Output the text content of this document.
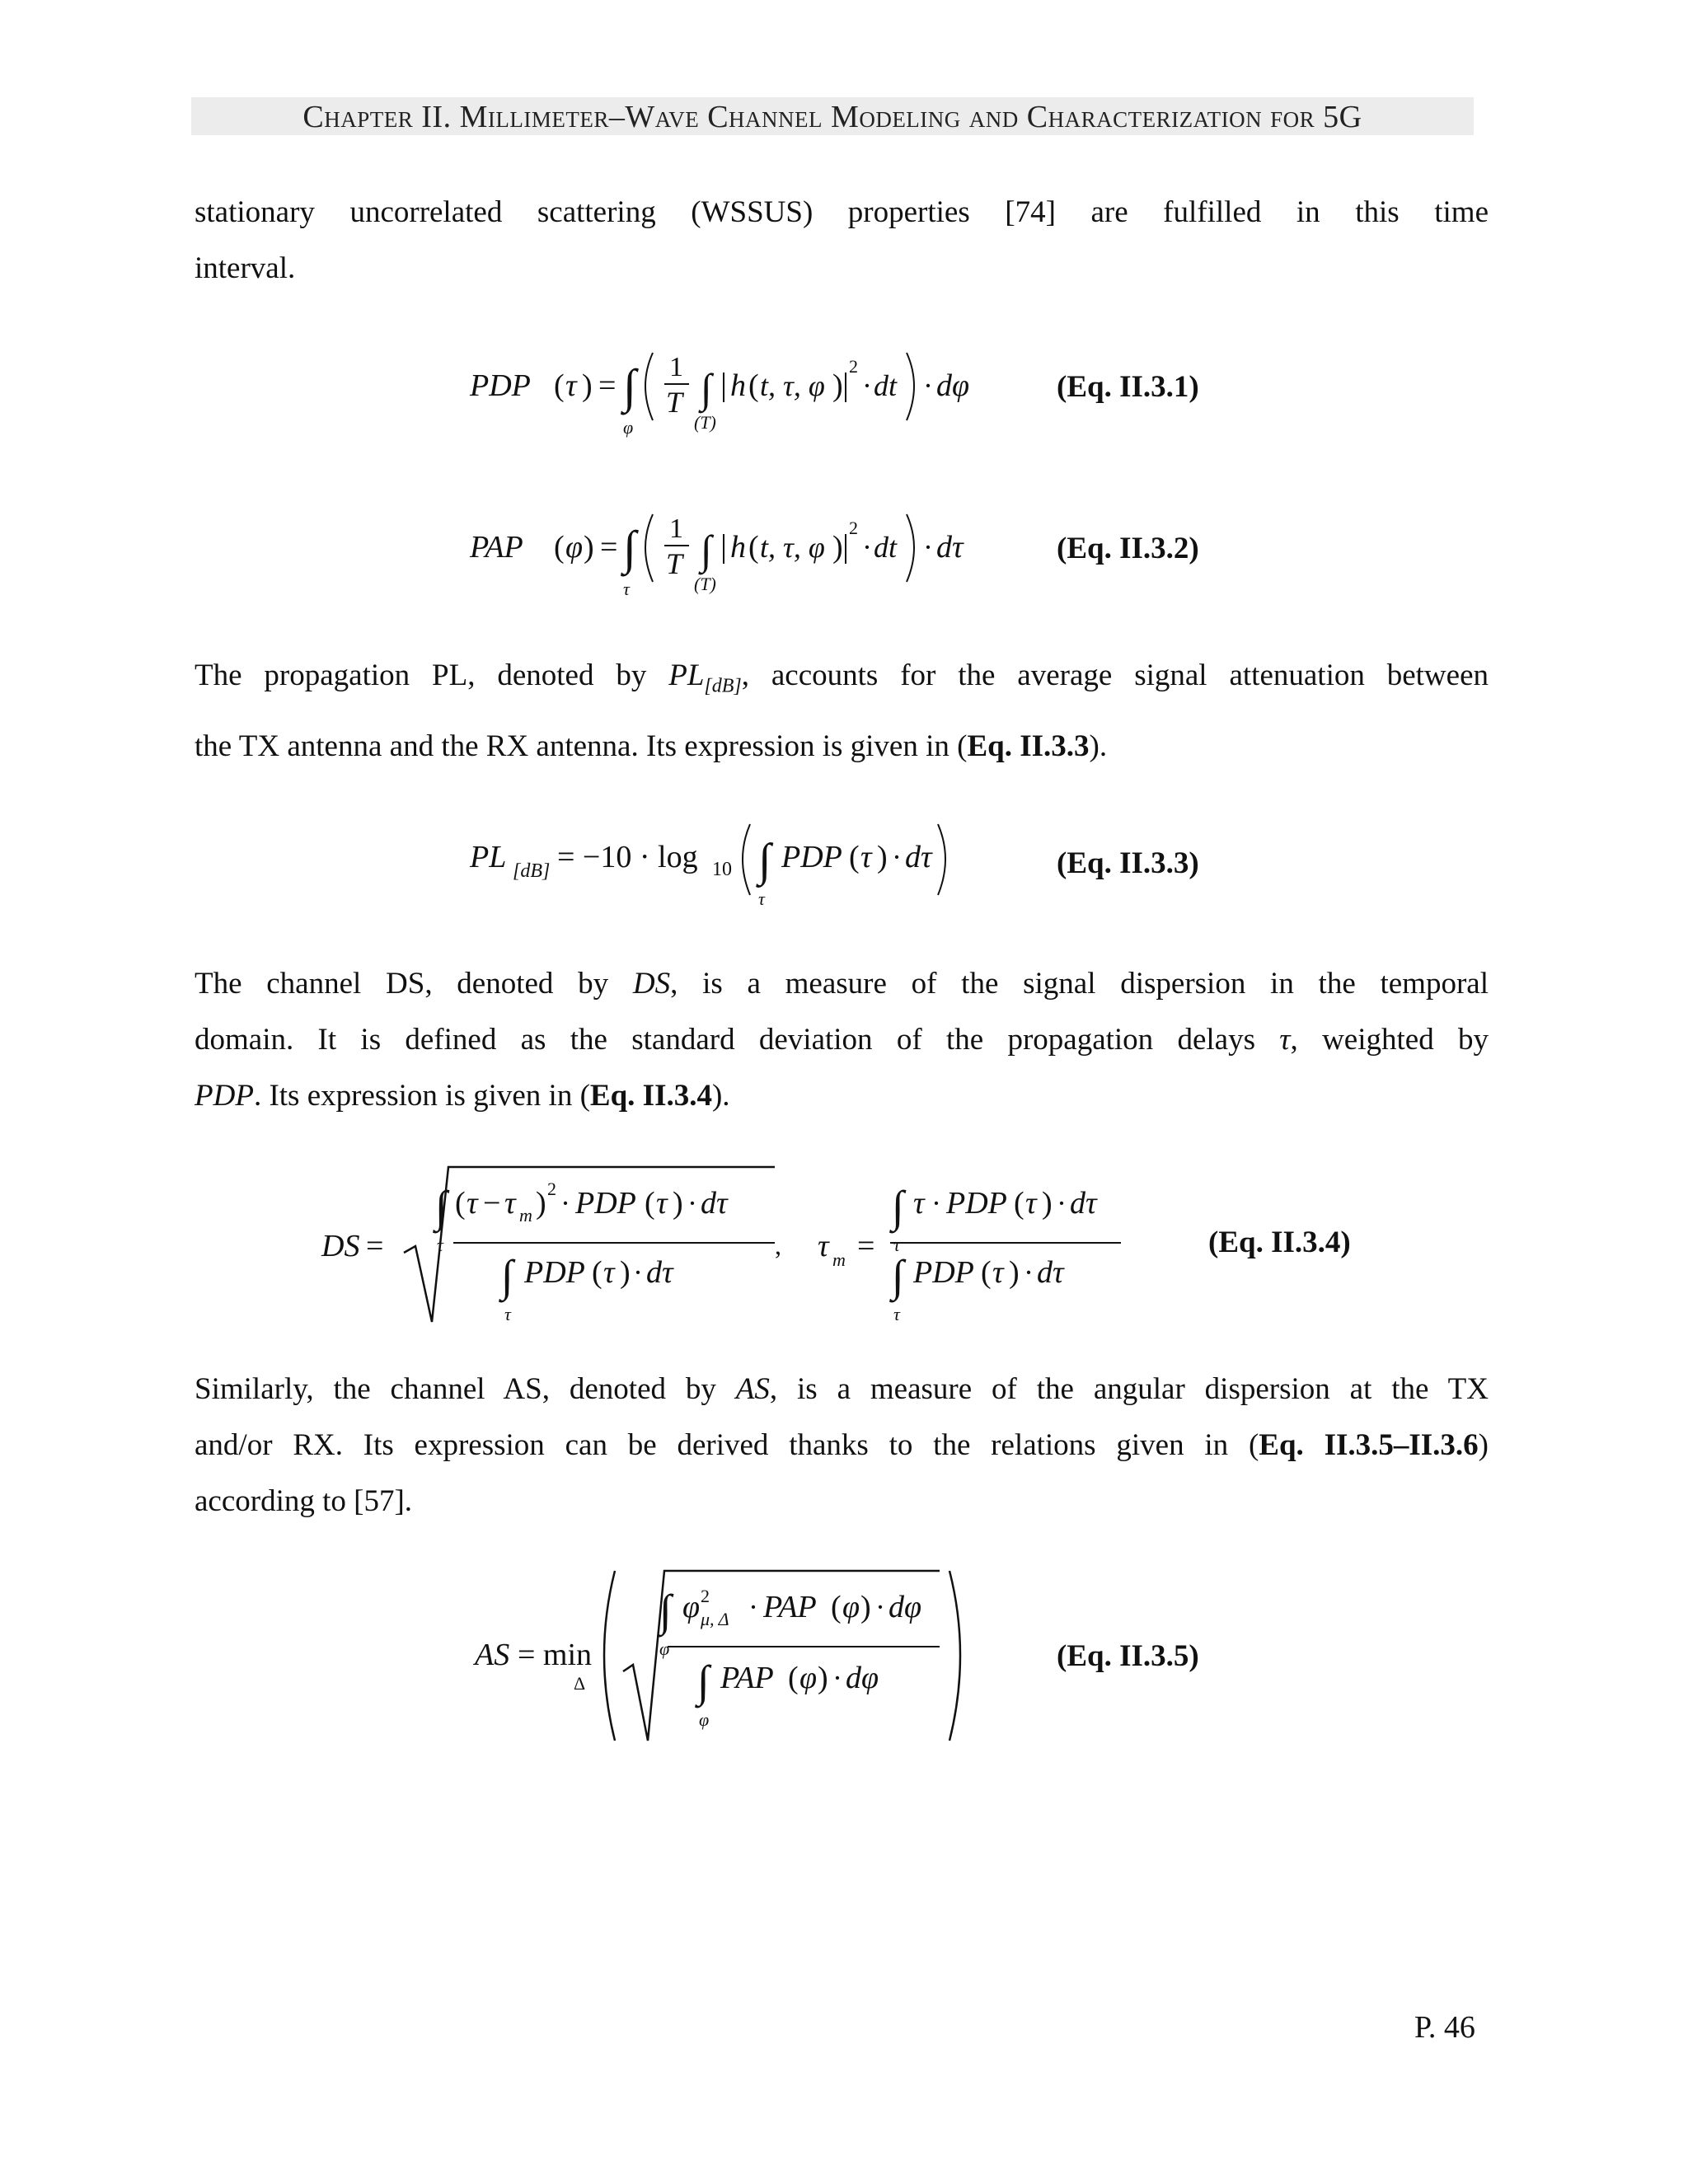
Chapter II. Millimeter–Wave Channel Modeling and Characterization for 5G
stationary uncorrelated scattering (WSSUS) properties [74] are fulfilled in this time
interval.
PDP ( τ ) = ∫
φ
1
T ∫
(T)
h ( t, τ, φ )
2
· dt · dφ	(Eq. II.3.1)
PAP ( φ ) = ∫
τ
1
T ∫
(T)
h ( t, τ, φ )
2
· dt · dτ	(Eq. II.3.2)
The propagation PL, denoted by $PL_{[dB]}$, accounts for the average signal attenuation between
the TX antenna and the RX antenna. Its expression is given in (Eq. II.3.3).
PL [dB] = −10 · log 10 ∫
τ
PDP ( τ ) · dτ	(Eq. II.3.3)
The channel DS, denoted by DS, is a measure of the signal dispersion in the temporal
domain. It is defined as the standard deviation of the propagation delays τ, weighted by
PDP. Its expression is given in (Eq. II.3.4).
DS =
∫
τ
( τ − τ m ) 2 · PDP ( τ ) · dτ
∫
τ
PDP ( τ ) · dτ
, τ m =
∫
τ
τ · PDP ( τ ) · dτ
∫
τ
PDP ( τ ) · dτ
(Eq. II.3.4)
Similarly, the channel AS, denoted by AS, is a measure of the angular dispersion at the TX
and/or RX. Its expression can be derived thanks to the relations given in (Eq. II.3.5–II.3.6)
according to [57].
AS = min
Δ
∫
φ
φ 2
μ, Δ · PAP ( φ ) · dφ
∫
φ
PAP ( φ ) · dφ
(Eq. II.3.5)
P. 46
